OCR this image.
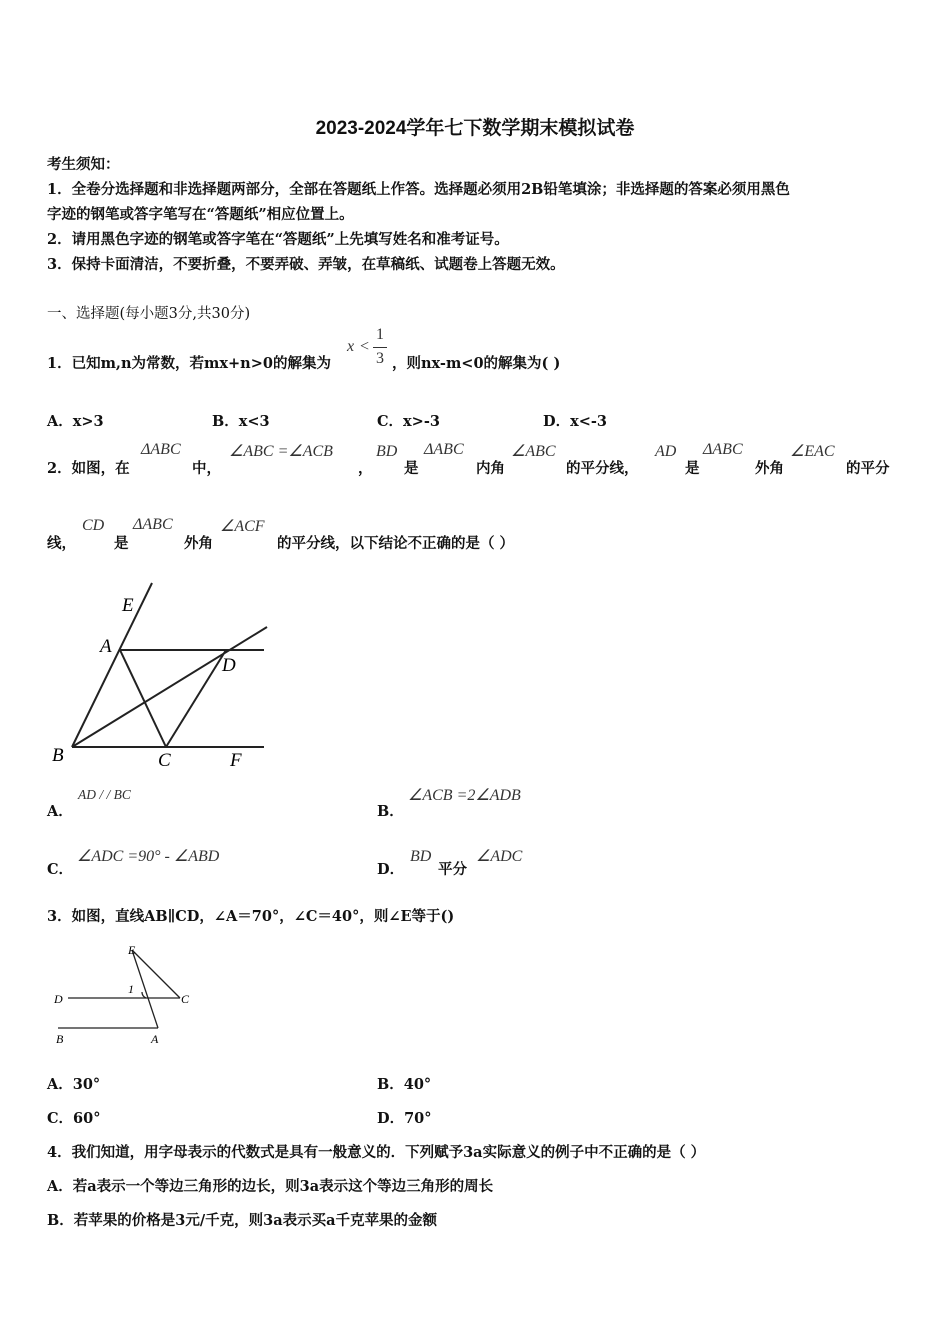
2023-2024学年七下数学期末模拟试卷
考生须知：
1．全卷分选择题和非选择题两部分，全部在答题纸上作答。选择题必须用2B铅笔填涂；非选择题的答案必须用黑色
字迹的钢笔或答字笔写在“答题纸”相应位置上。
2．请用黑色字迹的钢笔或答字笔在“答题纸”上先填写姓名和准考证号。
3．保持卡面清洁，不要折叠，不要弄破、弄皱，在草稿纸、试题卷上答题无效。
一、选择题(每小题3分,共30分)
1．已知m,n为常数，若mx+n>0的解集为
x <
1
3 ，则nx-m<0的解集为( )
A．x>3	B．x<3	C．x>-3	D．x<-3
2．如图，在
ΔABC
中，
∠ABC =∠ACB
，
BD
是
ΔABC
内角
∠ABC
的平分线，
AD
是
ΔABC
外角
∠EAC
的平分
线，
CD
是
ΔABC
外角
∠ACF
的平分线，以下结论不正确的是（ ）
E
A
D
B	C	F
A．
AD / / BC
B．
∠ACB =2∠ADB
C．
∠ADC =90° - ∠ABD
D．
BD
平分
∠ADC
3．如图，直线AB∥CD，∠A＝70°，∠C＝40°，则∠E等于()
E
1
D	C
B	A
A．30°	B．40°
C．60°	D．70°
4．我们知道，用字母表示的代数式是具有一般意义的．下列赋予3a实际意义的例子中不正确的是（ ）
A．若a表示一个等边三角形的边长，则3a表示这个等边三角形的周长
B．若苹果的价格是3元/千克，则3a表示买a千克苹果的金额
